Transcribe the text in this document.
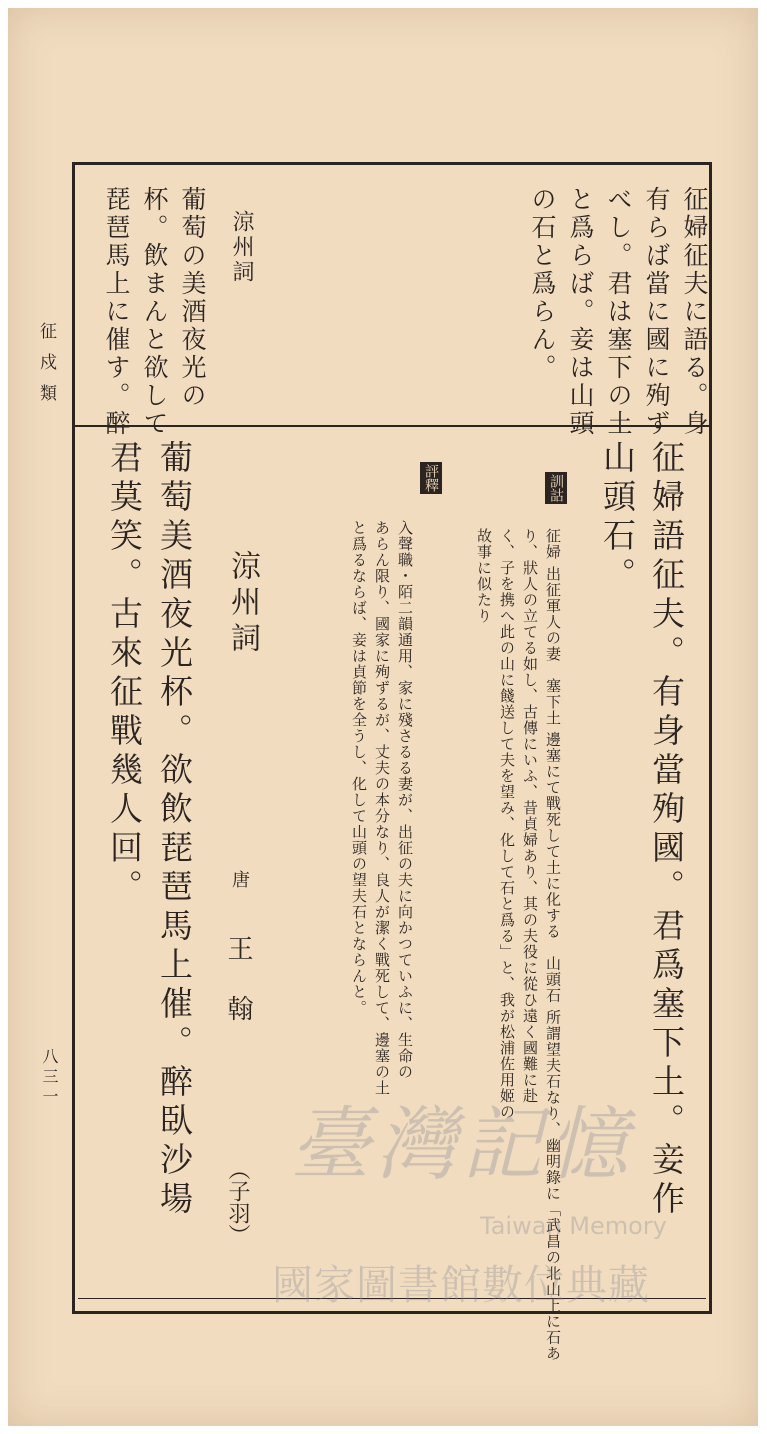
征戍類
八三一
征婦征夫に語る。身
有らば當に國に殉ず
べし。君は塞下の土
と爲らば。妾は山頭
の石と爲らん。
涼州詞
葡萄の美酒夜光の
杯。飲まんと欲して
琵琶馬上に催す。醉
征婦語征夫。有身當殉國。君爲塞下土。妾作
山頭石。
訓詁
征婦 出征軍人の妻　塞下土 邊塞にて戰死して土に化する　山頭石 所謂望夫石なり、幽明錄に「武昌の北山上に石あ
り、狀人の立てる如し、古傳にいふ、昔貞婦あり、其の夫役に從ひ遠く國難に赴
く、子を携へ此の山に餞送して夫を望み、化して石と爲る」と、我が松浦佐用姬の
故事に似たり
評釋
入聲職・陌二韻通用、家に殘さるる妻が、出征の夫に向かつていふに、生命の
あらん限り、國家に殉ずるが、丈夫の本分なり、良人が潔く戰死して、邊塞の土
と爲るならば、妾は貞節を全うし、化して山頭の望夫石とならんと。
涼州詞
唐
王　翰
（子羽）
葡萄美酒夜光杯。欲飲琵琶馬上催。醉臥沙場
君莫笑。古來征戰幾人回。
臺灣記憶
Taiwan Memory
國家圖書館數位典藏
